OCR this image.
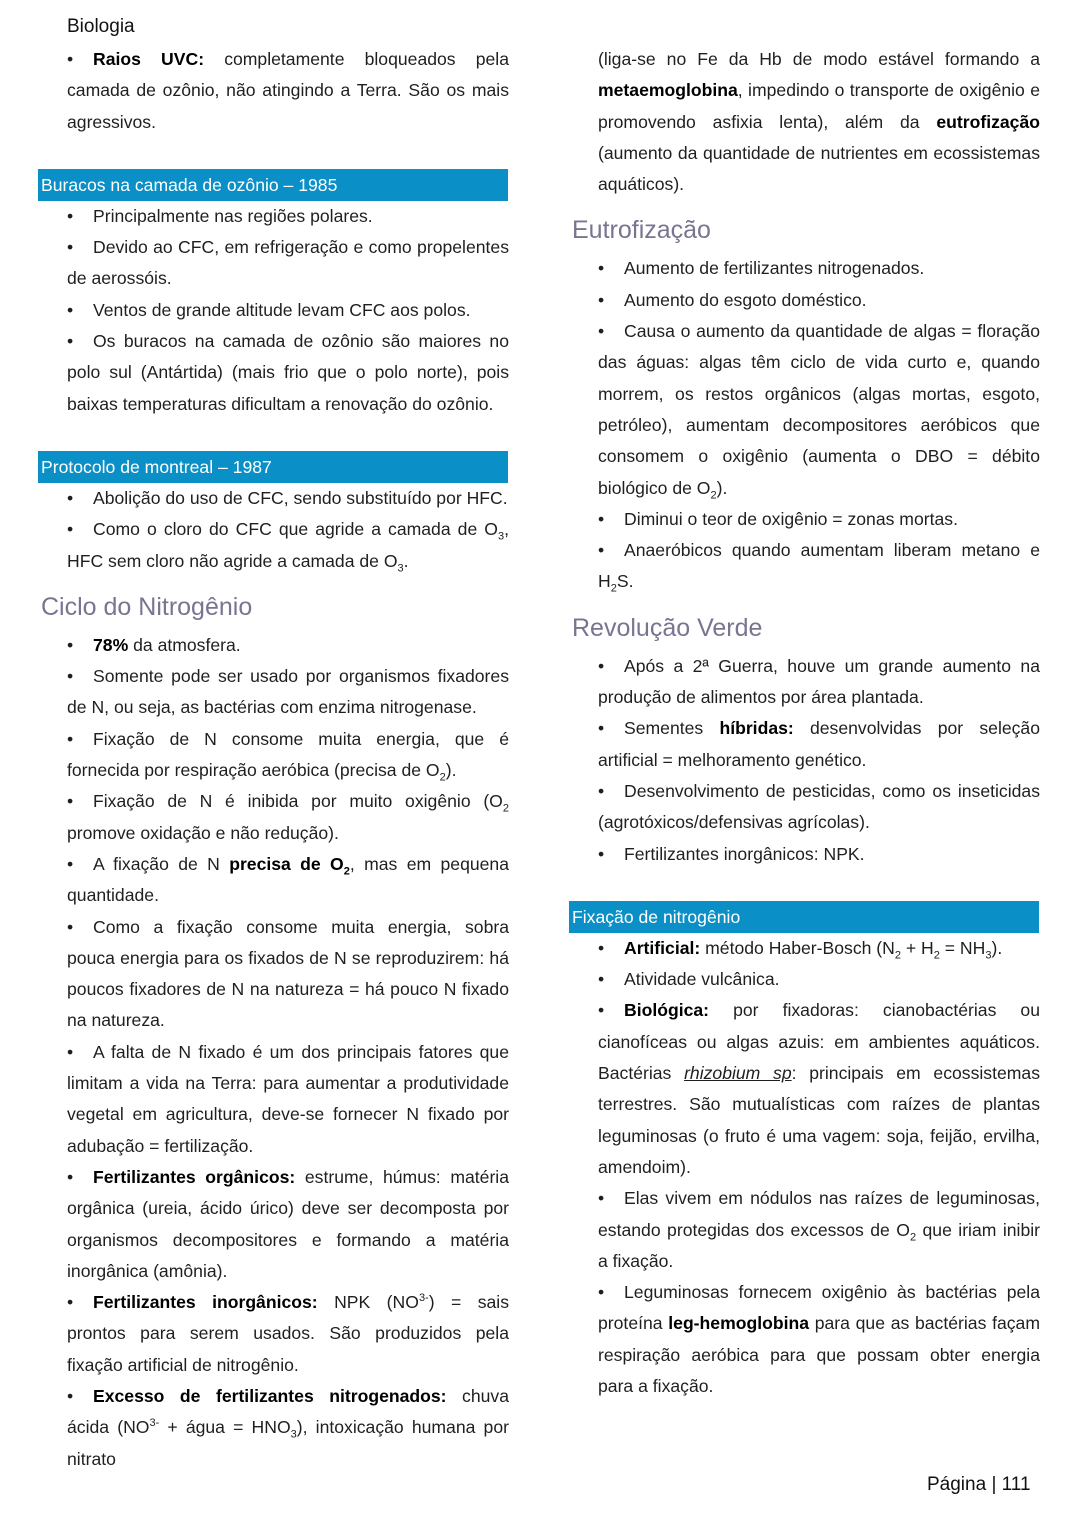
Biologia

• Raios UVC: completamente bloqueados pela camada de ozônio, não atingindo a Terra. São os mais agressivos.

Buracos na camada de ozônio – 1985

• Principalmente nas regiões polares.

• Devido ao CFC, em refrigeração e como propelentes de aerossóis.

• Ventos de grande altitude levam CFC aos polos.

• Os buracos na camada de ozônio são maiores no polo sul (Antártida) (mais frio que o polo norte), pois baixas temperaturas dificultam a renovação do ozônio.

Protocolo de montreal – 1987

• Abolição do uso de CFC, sendo substituído por HFC.

• Como o cloro do CFC que agride a camada de $O_3$, HFC sem cloro não agride a camada de $O_3$.

Ciclo do Nitrogênio

• 78% da atmosfera.

• Somente pode ser usado por organismos fixadores de N, ou seja, as bactérias com enzima nitrogenase.

• Fixação de N consome muita energia, que é fornecida por respiração aeróbica (precisa de $O_2$).

• Fixação de N é inibida por muito oxigênio ($O_2$ promove oxidação e não redução).

• A fixação de N precisa de $O_2$, mas em pequena quantidade.

• Como a fixação consome muita energia, sobra pouca energia para os fixados de N se reproduzirem: há poucos fixadores de N na natureza = há pouco N fixado na natureza.

• A falta de N fixado é um dos principais fatores que limitam a vida na Terra: para aumentar a produtividade vegetal em agricultura, deve-se fornecer N fixado por adubação = fertilização.

• Fertilizantes orgânicos: estrume, húmus: matéria orgânica (ureia, ácido úrico) deve ser decomposta por organismos decompositores e formando a matéria inorgânica (amônia).

• Fertilizantes inorgânicos: NPK $(NO^{3-})$ = sais prontos para serem usados. São produzidos pela fixação artificial de nitrogênio.

• Excesso de fertilizantes nitrogenados: chuva ácida ($NO^{3-}$ + água = $HNO_3$), intoxicação humana por nitrato

(liga-se no Fe da Hb de modo estável formando a metaemoglobina, impedindo o transporte de oxigênio e promovendo asfixia lenta), além da eutrofização (aumento da quantidade de nutrientes em ecossistemas aquáticos).

Eutrofização

• Aumento de fertilizantes nitrogenados.

• Aumento do esgoto doméstico.

• Causa o aumento da quantidade de algas = floração das águas: algas têm ciclo de vida curto e, quando morrem, os restos orgânicos (algas mortas, esgoto, petróleo), aumentam decompositores aeróbicos que consomem o oxigênio (aumenta o DBO = débito biológico de $O_2$).

• Diminui o teor de oxigênio = zonas mortas.

• Anaeróbicos quando aumentam liberam metano e $H_2S$.

Revolução Verde

• Após a 2ª Guerra, houve um grande aumento na produção de alimentos por área plantada.

• Sementes híbridas: desenvolvidas por seleção artificial = melhoramento genético.

• Desenvolvimento de pesticidas, como os inseticidas (agrotóxicos/defensivas agrícolas).

• Fertilizantes inorgânicos: NPK.

Fixação de nitrogênio

• Artificial: método Haber-Bosch $(N_2 + H_2 = NH_3)$.

• Atividade vulcânica.

• Biológica: por fixadoras: cianobactérias ou cianofíceas ou algas azuis: em ambientes aquáticos. Bactérias rhizobium sp: principais em ecossistemas terrestres. São mutualísticas com raízes de plantas leguminosas (o fruto é uma vagem: soja, feijão, ervilha, amendoim).

• Elas vivem em nódulos nas raízes de leguminosas, estando protegidas dos excessos de $O_2$ que iriam inibir a fixação.

• Leguminosas fornecem oxigênio às bactérias pela proteína leg-hemoglobina para que as bactérias façam respiração aeróbica para que possam obter energia para a fixação.

Página | 111
